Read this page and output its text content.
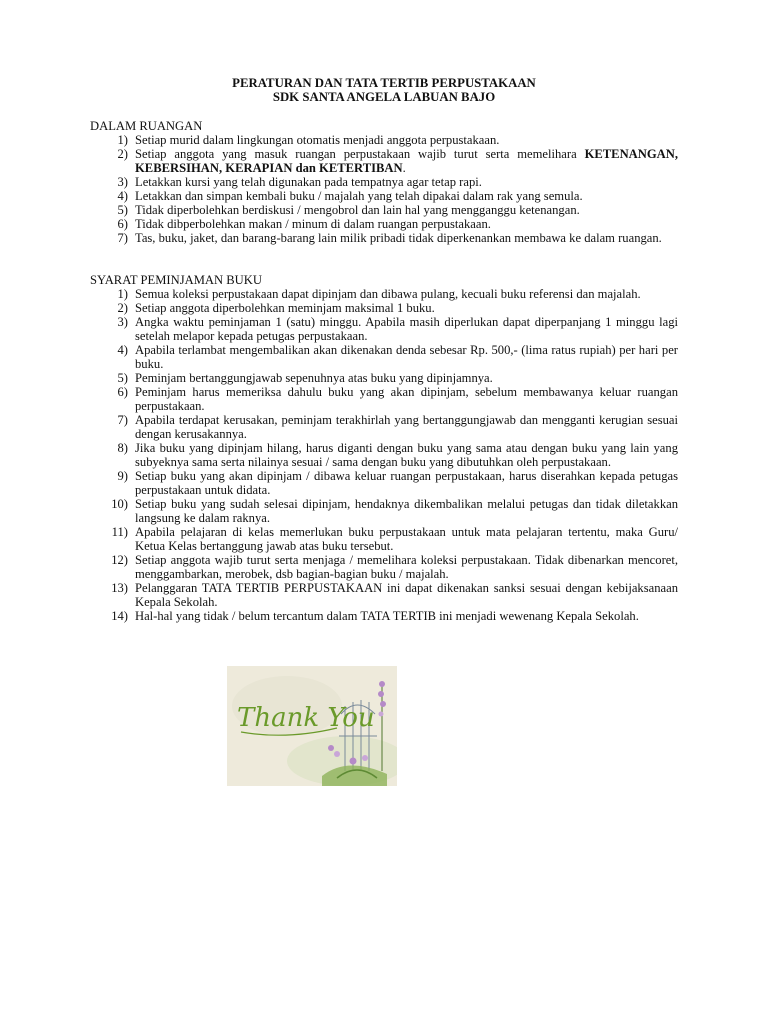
PERATURAN DAN TATA TERTIB PERPUSTAKAAN
SDK SANTA ANGELA LABUAN BAJO
DALAM RUANGAN
1) Setiap murid dalam lingkungan otomatis menjadi anggota perpustakaan.
2) Setiap anggota yang masuk ruangan perpustakaan wajib turut serta memelihara KETENANGAN, KEBERSIHAN, KERAPIAN dan KETERTIBAN.
3) Letakkan kursi yang telah digunakan pada tempatnya agar tetap rapi.
4) Letakkan dan simpan kembali buku / majalah yang telah dipakai dalam rak yang semula.
5) Tidak diperbolehkan berdiskusi / mengobrol dan lain hal yang mengganggu ketenangan.
6) Tidak dibperbolehkan makan / minum di dalam ruangan perpustakaan.
7) Tas, buku, jaket, dan barang-barang lain milik pribadi tidak diperkenankan membawa ke dalam ruangan.
SYARAT PEMINJAMAN BUKU
1) Semua koleksi perpustakaan dapat dipinjam dan dibawa pulang, kecuali buku referensi dan majalah.
2) Setiap anggota diperbolehkan meminjam maksimal 1 buku.
3) Angka waktu peminjaman 1 (satu) minggu. Apabila masih diperlukan dapat diperpanjang 1 minggu lagi setelah melapor kepada petugas perpustakaan.
4) Apabila terlambat mengembalikan akan dikenakan denda sebesar Rp. 500,- (lima ratus rupiah) per hari per buku.
5) Peminjam bertanggungjawab sepenuhnya atas buku yang dipinjamnya.
6) Peminjam harus memeriksa dahulu buku yang akan dipinjam, sebelum membawanya keluar ruangan perpustakaan.
7) Apabila terdapat kerusakan, peminjam terakhirlah yang bertanggungjawab dan mengganti kerugian sesuai dengan kerusakannya.
8) Jika buku yang dipinjam hilang, harus diganti dengan buku yang sama atau dengan buku yang lain yang subyeknya sama serta nilainya sesuai / sama dengan buku yang dibutuhkan oleh perpustakaan.
9) Setiap buku yang akan dipinjam / dibawa keluar ruangan perpustakaan, harus diserahkan kepada petugas perpustakaan untuk didata.
10) Setiap buku yang sudah selesai dipinjam, hendaknya dikembalikan melalui petugas dan tidak diletakkan langsung ke dalam raknya.
11) Apabila pelajaran di kelas memerlukan buku perpustakaan untuk mata pelajaran tertentu, maka Guru/ Ketua Kelas bertanggung jawab atas buku tersebut.
12) Setiap anggota wajib turut serta menjaga / memelihara koleksi perpustakaan. Tidak dibenarkan mencoret, menggambarkan, merobek, dsb bagian-bagian buku / majalah.
13) Pelanggaran TATA TERTIB PERPUSTAKAAN ini dapat dikenakan sanksi sesuai dengan kebijaksanaan Kepala Sekolah.
14) Hal-hal yang tidak / belum tercantum dalam TATA TERTIB ini menjadi wewenang Kepala Sekolah.
Thank You
